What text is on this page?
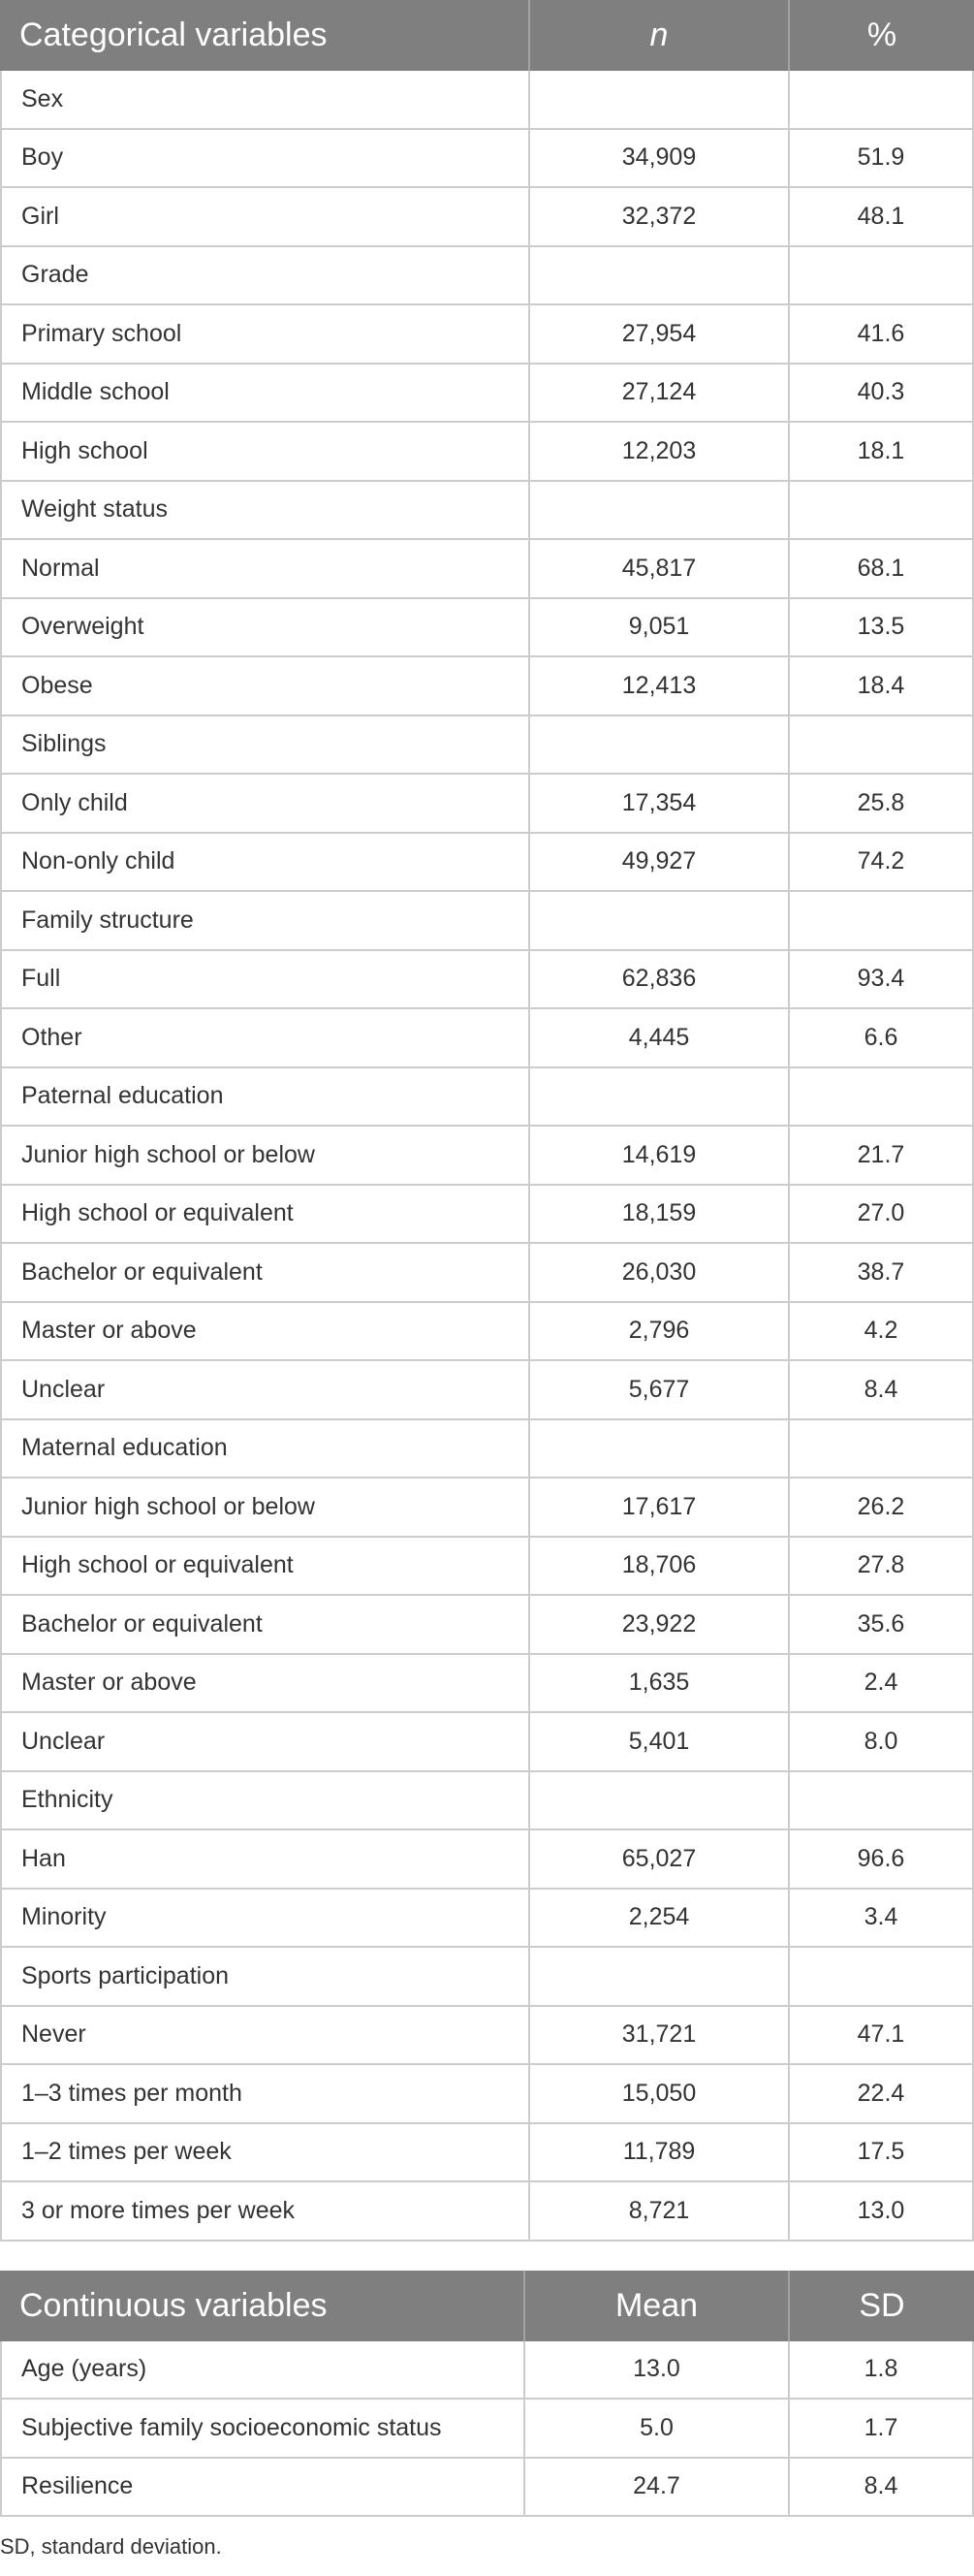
Categorical variables	n	%
Sex
Boy	34,909	51.9
Girl	32,372	48.1
Grade
Primary school	27,954	41.6
Middle school	27,124	40.3
High school	12,203	18.1
Weight status
Normal	45,817	68.1
Overweight	9,051	13.5
Obese	12,413	18.4
Siblings
Only child	17,354	25.8
Non-only child	49,927	74.2
Family structure
Full	62,836	93.4
Other	4,445	6.6
Paternal education
Junior high school or below	14,619	21.7
High school or equivalent	18,159	27.0
Bachelor or equivalent	26,030	38.7
Master or above	2,796	4.2
Unclear	5,677	8.4
Maternal education
Junior high school or below	17,617	26.2
High school or equivalent	18,706	27.8
Bachelor or equivalent	23,922	35.6
Master or above	1,635	2.4
Unclear	5,401	8.0
Ethnicity
Han	65,027	96.6
Minority	2,254	3.4
Sports participation
Never	31,721	47.1
1–3 times per month	15,050	22.4
1–2 times per week	11,789	17.5
3 or more times per week	8,721	13.0
Continuous variables	Mean	SD
Age (years)	13.0	1.8
Subjective family socioeconomic status	5.0	1.7
Resilience	24.7	8.4
SD, standard deviation.
